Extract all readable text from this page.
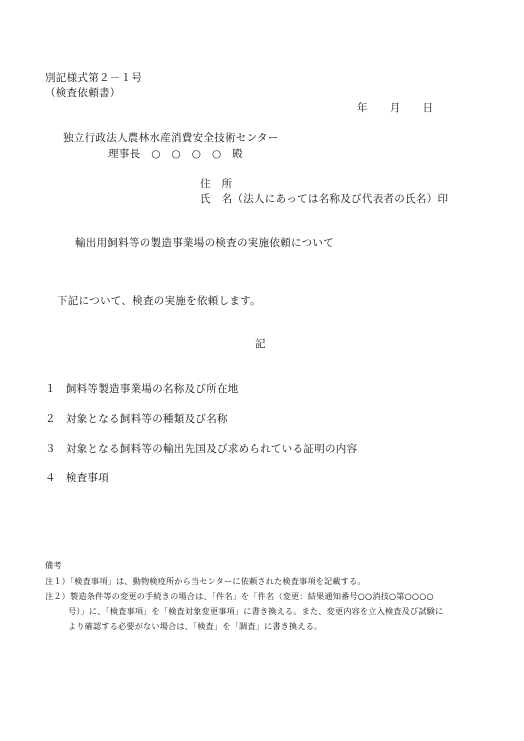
別記様式第２－１号
（検査依頼書）
年 月 日
独立行政法人農林水産消費安全技術センター
理事長　○　○　○　○　殿
住　所
氏　名（法人にあっては名称及び代表者の氏名）印
輸出用飼料等の製造事業場の検査の実施依頼について
下記について、検査の実施を依頼します。
記
１ 飼料等製造事業場の名称及び所在地
２ 対象となる飼料等の種類及び名称
３ 対象となる飼料等の輸出先国及び求められている証明の内容
４ 検査事項
備考
注１）「検査事項」は、動物検疫所から当センターに依頼された検査事項を記載する。
注２）製造条件等の変更の手続きの場合は、「件名」を「件名（変更：結果通知番号○○消技○第○○○○
号）」に、「検査事項」を「検査対象変更事項」に書き換える。また、変更内容を立入検査及び試験に
より確認する必要がない場合は、「検査」を「調査」に書き換える。
